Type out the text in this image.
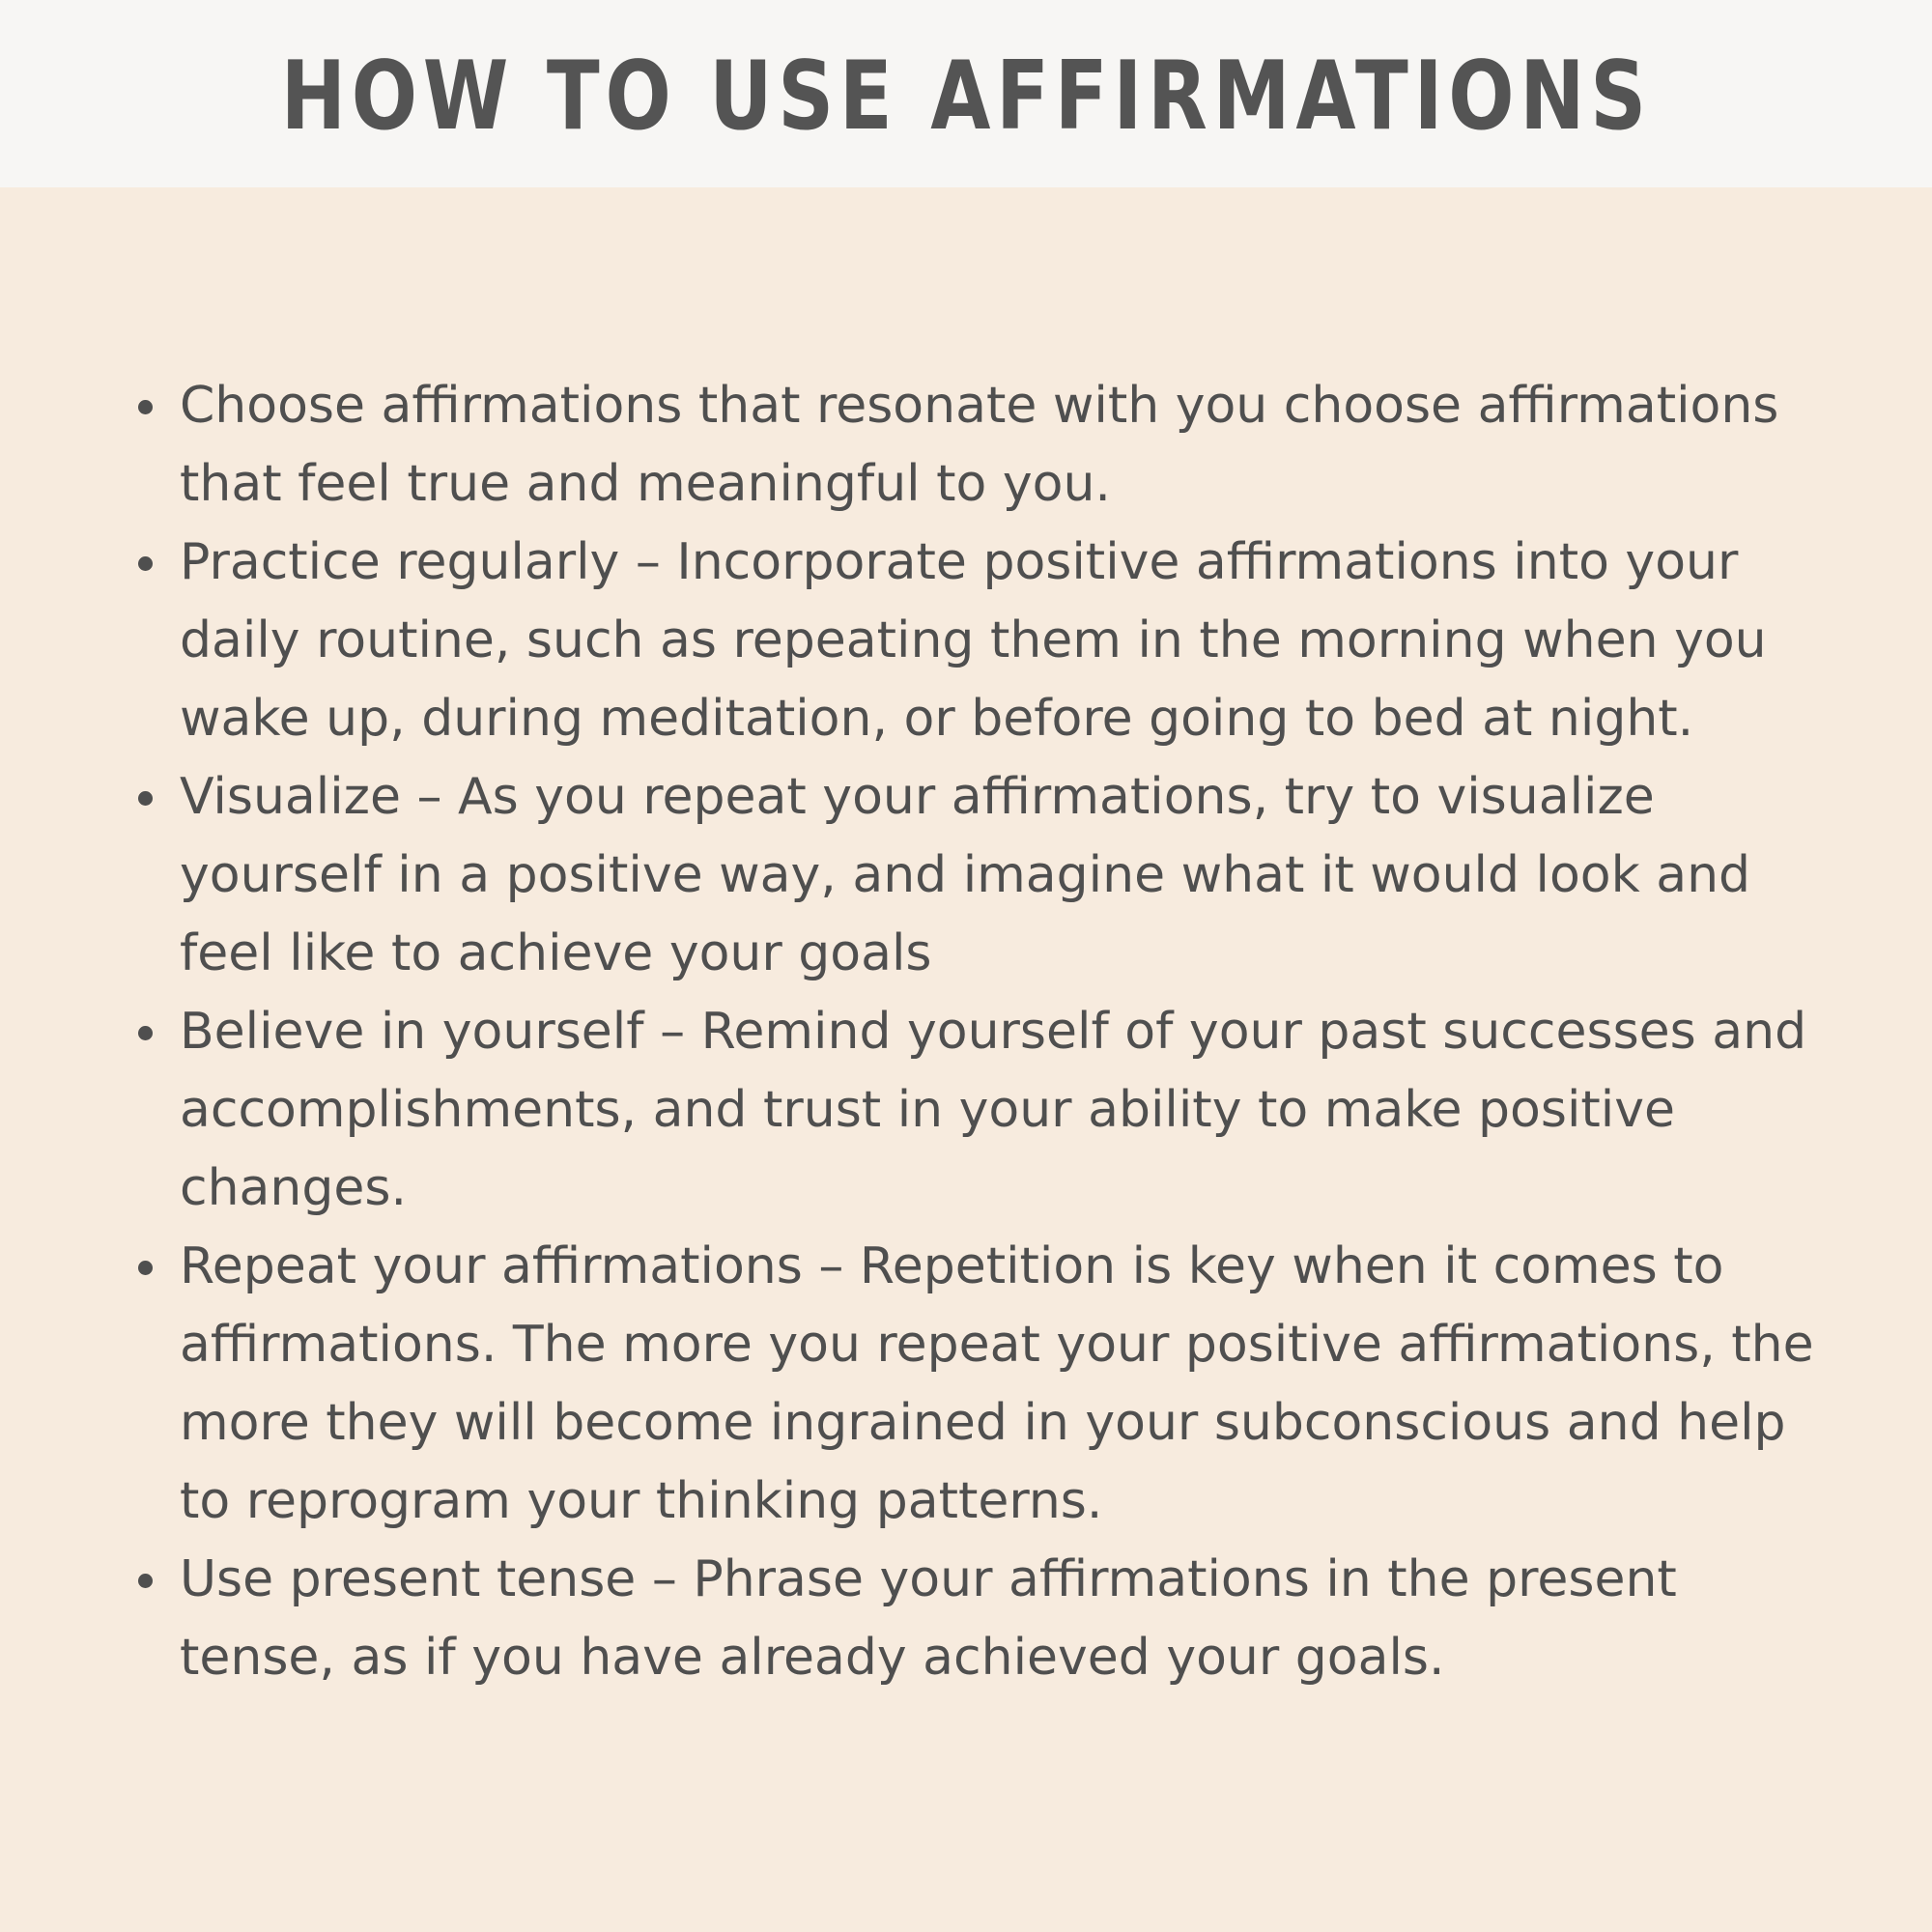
HOW TO USE AFFIRMATIONS
Choose affirmations that resonate with you choose affirmations that feel true and meaningful to you.
Practice regularly – Incorporate positive affirmations into your daily routine, such as repeating them in the morning when you wake up, during meditation, or before going to bed at night.
Visualize – As you repeat your affirmations, try to visualize yourself in a positive way, and imagine what it would look and feel like to achieve your goals
Believe in yourself – Remind yourself of your past successes and accomplishments, and trust in your ability to make positive changes.
Repeat your affirmations – Repetition is key when it comes to affirmations. The more you repeat your positive affirmations, the more they will become ingrained in your subconscious and help to reprogram your thinking patterns.
Use present tense – Phrase your affirmations in the present tense, as if you have already achieved your goals.
